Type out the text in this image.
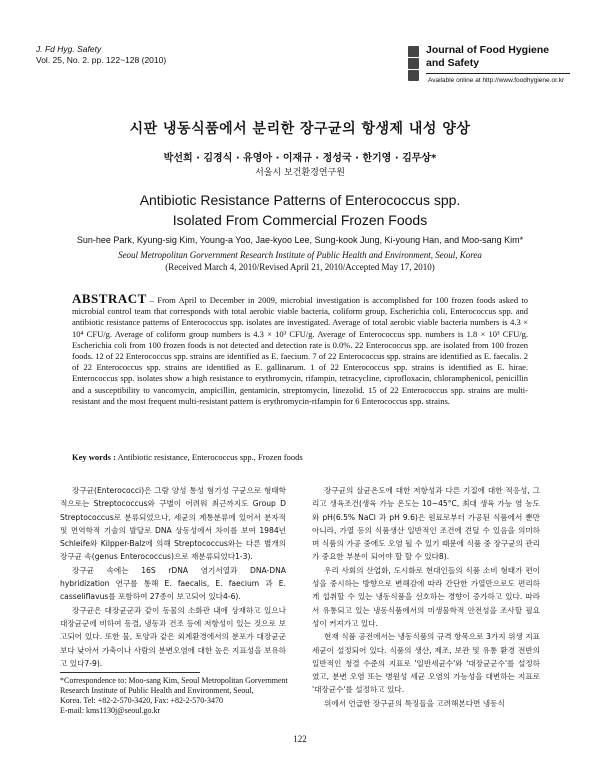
J. Fd Hyg. Safety
Vol. 25, No. 2. pp. 122~128 (2010)
Journal of Food Hygiene
and Safety
Available online at http://www.foodhygiene.or.kr
시판 냉동식품에서 분리한 장구균의 항생제 내성 양상
박선희 · 김경식 · 유영아 · 이재규 · 정성국 · 한기영 · 김무상*
서울시 보건환경연구원
Antibiotic Resistance Patterns of Enterococcus spp.
Isolated From Commercial Frozen Foods
Sun-hee Park, Kyung-sig Kim, Young-a Yoo, Jae-kyoo Lee, Sung-kook Jung, Ki-young Han, and Moo-sang Kim*
Seoul Metropolitan Gorvernment Research Institute of Public Health and Environment, Seoul, Korea
(Received March 4, 2010/Revised April 21, 2010/Accepted May 17, 2010)
ABSTRACT – From April to December in 2009, microbial investigation is accomplished for 100 frozen foods asked to microbial control team that corresponds with total aerobic viable bacteria, coliform group, Escherichia coli, Enterococcus spp. and antibiotic resistance patterns of Enterococcus spp. isolates are investigated. Average of total aerobic viable bacteria numbers is 4.3 × 10⁴ CFU/g. Average of coliform group numbers is 4.3 × 10³ CFU/g. Average of Enterococcus spp. numbers is 1.8 × 10³ CFU/g. Escherichia coli from 100 frozen foods is not detected and detection rate is 0.0%. 22 Enterococcus spp. are isolated from 100 frozen foods. 12 of 22 Enterococcus spp. strains are identified as E. faecium. 7 of 22 Enterococcus spp. strains are identified as E. faecalis. 2 of 22 Enterococcus spp. strains are identified as E. gallinarum. 1 of 22 Enterococcus spp. strains is identified as E. hirae. Enterococcus spp. isolates show a high resistance to erythromycin, rifampin, tetracycline, ciprofloxacin, chloramphenicol, penicillin and a susceptibility to vancomycin, ampicillin, gentamicin, streptomycin, linezolid. 15 of 22 Enterococcus spp. strains are multi-resistant and the most frequent multi-resistant pattern is erythromycin-rifampin for 6 Enterococcus spp. strains.
Key words : Antibiotic resistance, Enterococcus spp., Frozen foods

장구균(Enterococci)은 그람 양성 통성 혐기성 구균으로 형태학적으로는 Streptococcus와 구별이 어려워 최근까지도 Group D Streptococcus로 분류되었으나, 세균의 계통분류에 있어서 분자적 및 면역학적 기술의 발달로 DNA 상동성에서 차이를 보여 1984년 Schleife와 Kilpper-Balz에 의해 Streptococcus와는 다른 별개의 장구균 속(genus Enterococcus)으로 재분류되었다1-3).

장구균 속에는 16S rDNA 염기서열과 DNA-DNA hybridization 연구를 통해 E. faecalis, E. faecium 과 E. casseliflavus를 포함하여 27종이 보고되어 있다4-6).

장구균은 대장균군과 같이 동물의 소화관 내에 상재하고 있으나 대장균군에 비하여 동결, 냉동과 건조 등에 저항성이 있는 것으로 보고되어 있다. 또한 물, 토양과 같은 외계환경에서의 분포가 대장균군보다 낮아서 가축이나 사람의 분변오염에 대한 높은 지표성을 보유하고 있다7-9).

장구균의 살균온도에 대한 저항성과 다른 기질에 대한 적응성, 그리고 생육조건(생육 가능 온도는 10~45°C, 최대 생육 가능 염 농도와 pH(6.5% NaCl 과 pH 9.6)은 원료로부터 가공된 식품에서 뿐만 아니라, 가열 등의 식품생산 일반적인 조건에 견딜 수 있음을 의미하며 식품의 가공 중에도 오염 될 수 있기 때문에 식품 중 장구균의 관리가 중요한 부분이 되어야 할 할 수 있다8).

우리 사회의 산업화, 도시화로 현대인들의 식품 소비 형태가 편이성을 중시하는 방향으로 변해감에 따라 간단한 가열만으로도 편리하게 섭취할 수 있는 냉동식품을 선호하는 경향이 증가하고 있다. 따라서 유통되고 있는 냉동식품에서의 미생물학적 안전성을 조사할 필요성이 커져가고 있다.

현재 식품 공전에서는 냉동식품의 규격 항목으로 3가지 위생 지표 세균이 설정되어 있다. 식품의 생산, 제조, 보관 및 유통 환경 전반의 일반적인 청결 수준의 지표로 '일반세균수'와 '대장균군수'를 설정하였고, 분변 오염 또는 병원성 세균 오염의 가능성을 대변하는 지표로 '대장균수'를 설정하고 있다.

위에서 언급한 장구균의 특징들을 고려해본다면 냉동식

*Correspondence to: Moo-sang Kim, Seoul Metropolitan Gorvernment Research Institute of Public Health and Environment, Seoul,
Korea. Tel: +82-2-570-3420, Fax: +82-2-570-3470
E-mail: kms1130j@seoul.go.kr
122
